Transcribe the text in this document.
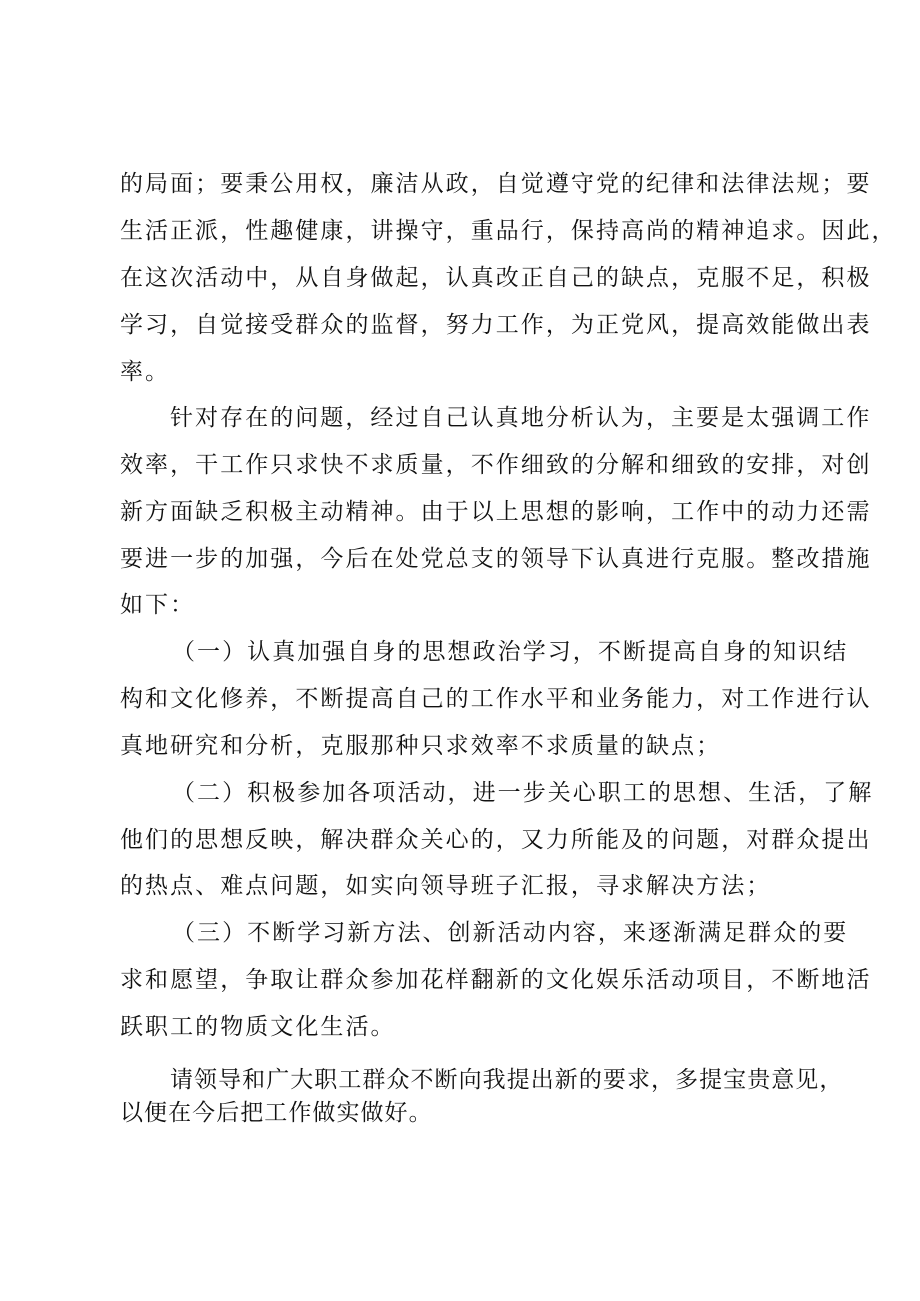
的局面；要秉公用权，廉洁从政，自觉遵守党的纪律和法律法规；要
生活正派，性趣健康，讲操守，重品行，保持高尚的精神追求。因此，
在这次活动中，从自身做起，认真改正自己的缺点，克服不足，积极
学习，自觉接受群众的监督，努力工作，为正党风，提高效能做出表
率。
针对存在的问题，经过自己认真地分析认为，主要是太强调工作
效率，干工作只求快不求质量，不作细致的分解和细致的安排，对创
新方面缺乏积极主动精神。由于以上思想的影响，工作中的动力还需
要进一步的加强，今后在处党总支的领导下认真进行克服。整改措施
如下：
（一）认真加强自身的思想政治学习，不断提高自身的知识结
构和文化修养，不断提高自己的工作水平和业务能力，对工作进行认
真地研究和分析，克服那种只求效率不求质量的缺点；
（二）积极参加各项活动，进一步关心职工的思想、生活，了解
他们的思想反映，解决群众关心的，又力所能及的问题，对群众提出
的热点、难点问题，如实向领导班子汇报，寻求解决方法；
（三）不断学习新方法、创新活动内容，来逐渐满足群众的要
求和愿望，争取让群众参加花样翻新的文化娱乐活动项目，不断地活
跃职工的物质文化生活。
请领导和广大职工群众不断向我提出新的要求，多提宝贵意见，
以便在今后把工作做实做好。
